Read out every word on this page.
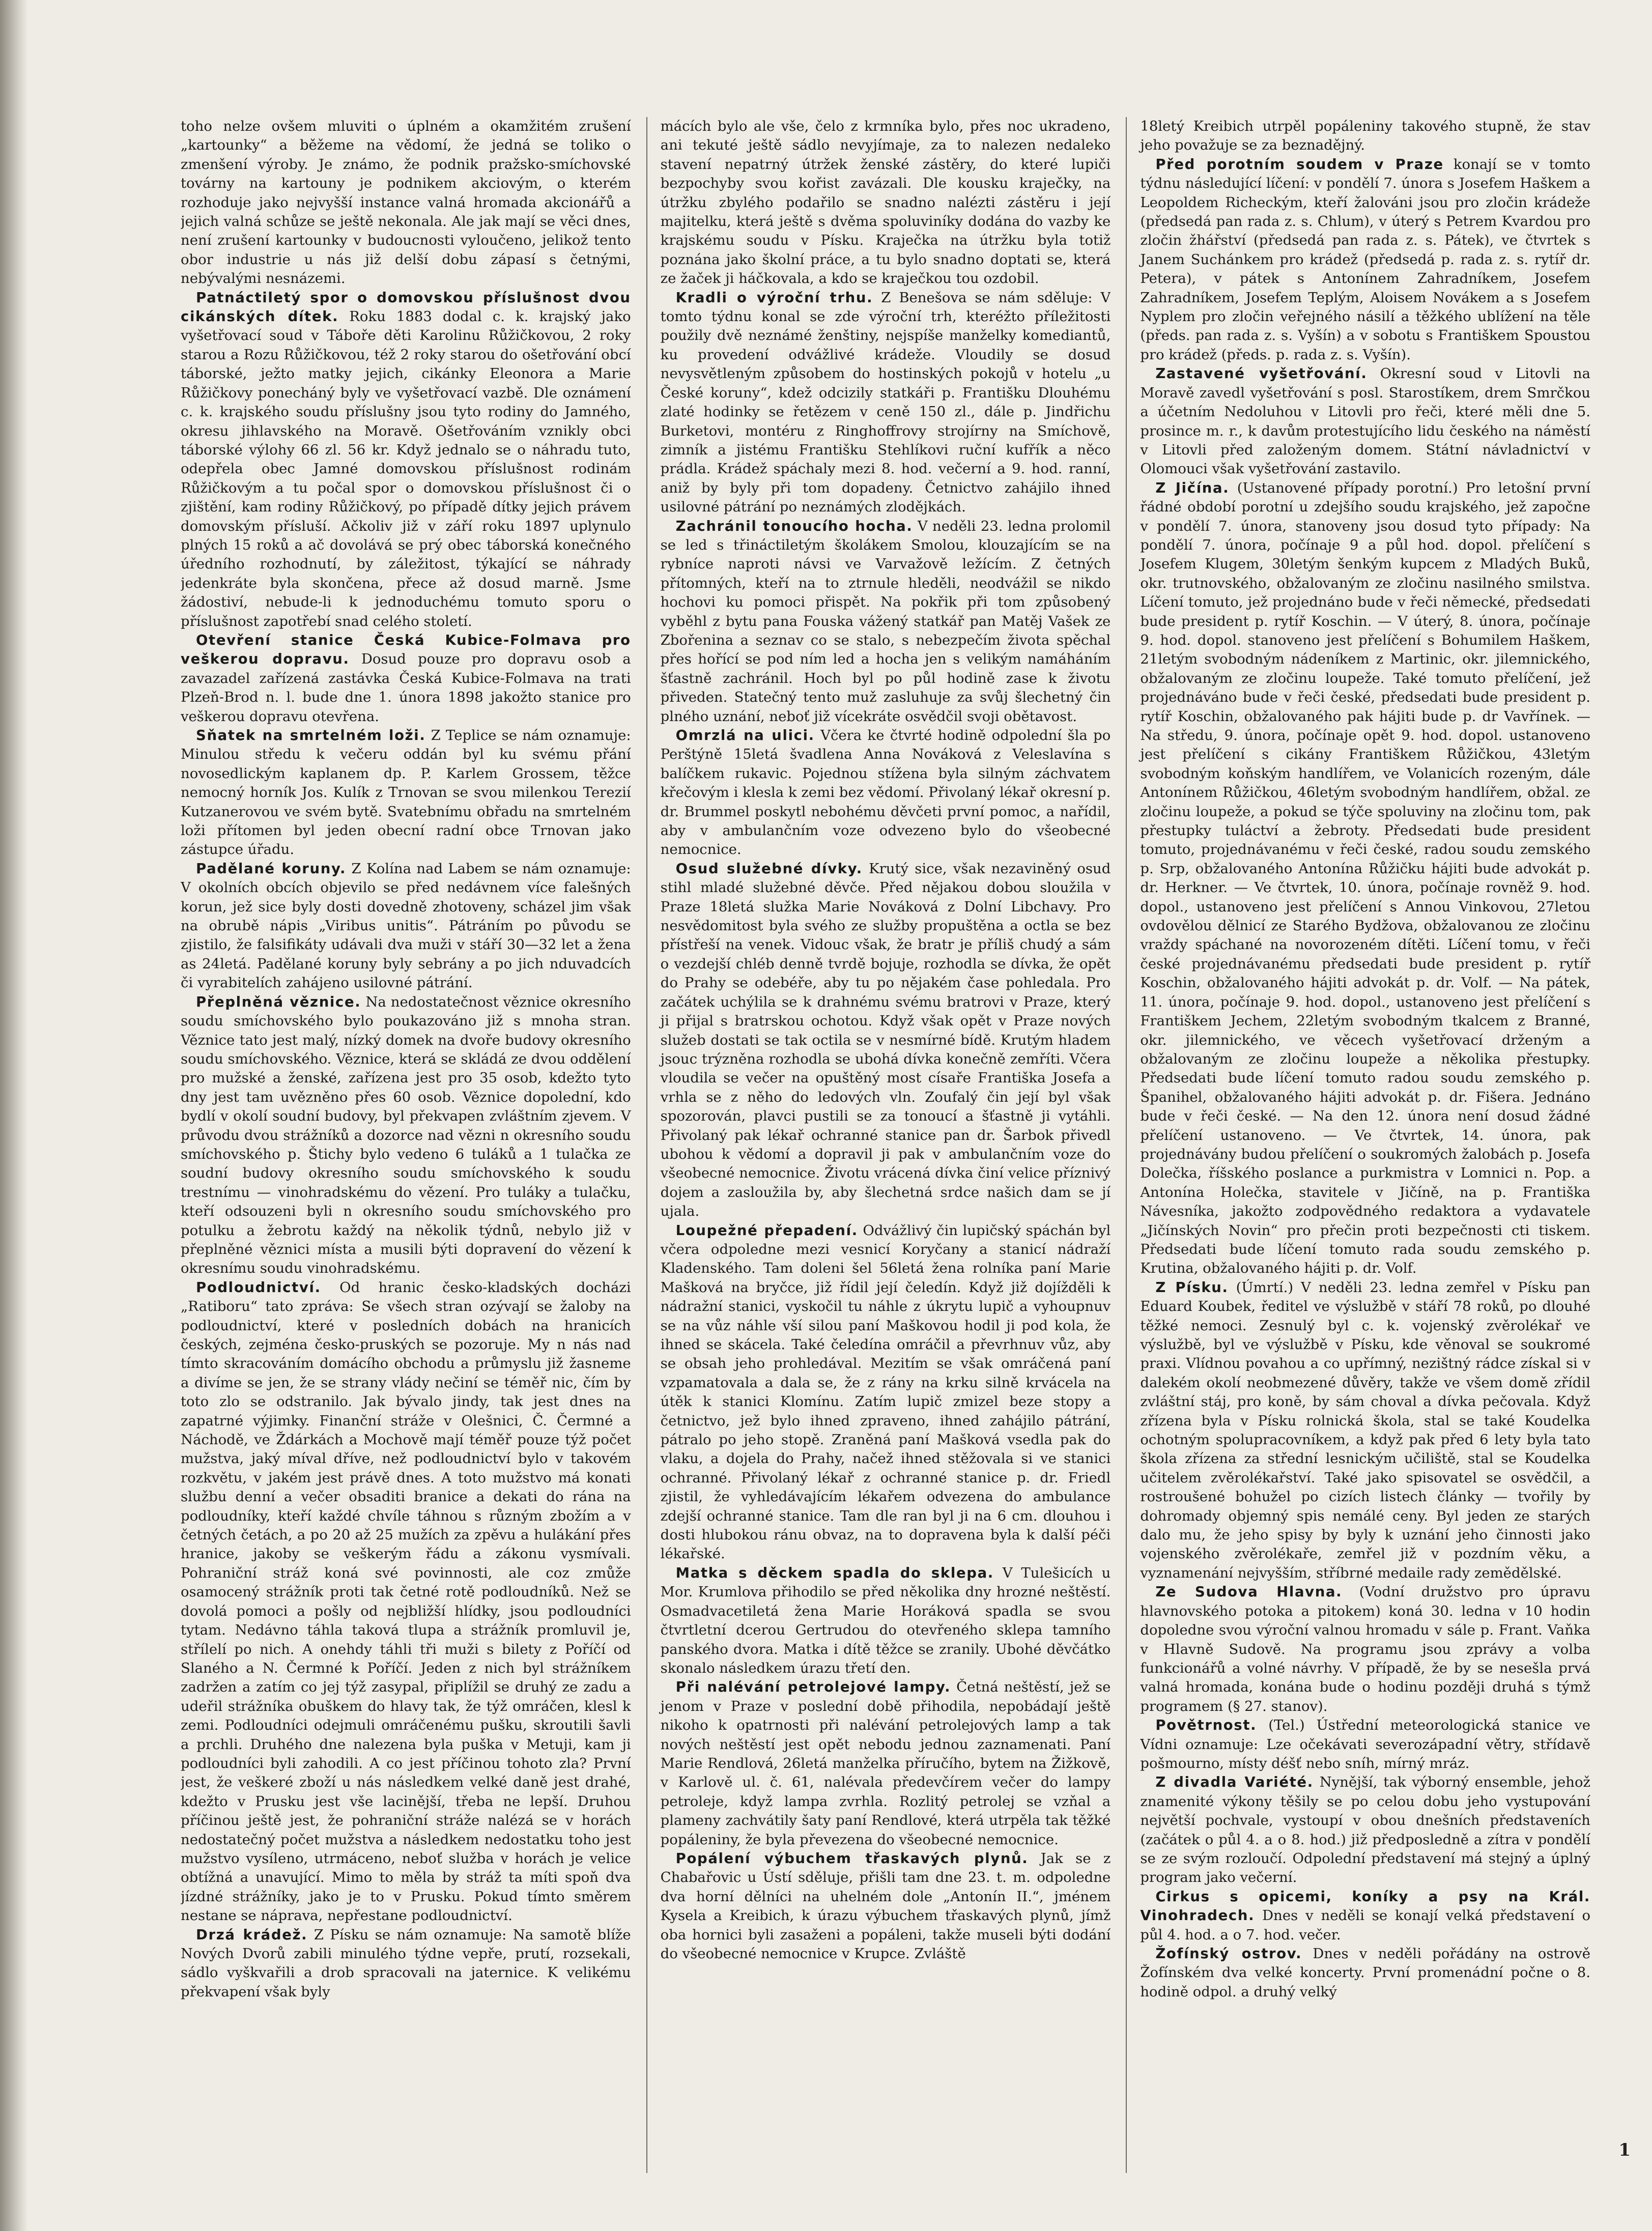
toho nelze ovšem mluviti o úplném a okamžitém zrušení „kartounky“ a běžeme na vědomí, že jedná se toliko o zmenšení výroby. Je známo, že podnik pražsko-smíchovské továrny na kartouny je podnikem akciovým, o kterém rozhoduje jako nejvyšší instance valná hromada akcionářů a jejich valná schůze se ještě nekonala. Ale jak mají se věci dnes, není zrušení kartounky v budoucnosti vyloučeno, jelikož tento obor industrie u nás již delší dobu zápasí s četnými, nebývalými nesnázemi.

Patnáctiletý spor o domovskou příslušnost dvou cikánských dítek. Roku 1883 dodal c. k. krajský jako vyšetřovací soud v Táboře děti Karolinu Růžičkovou, 2 roky starou a Rozu Růžičkovou, též 2 roky starou do ošetřování obcí táborské, ježto matky jejich, cikánky Eleonora a Marie Růžičkovy ponecháný byly ve vyšetřovací vazbě. Dle oznámení c. k. krajského soudu příslušny jsou tyto rodiny do Jamného, okresu jihlavského na Moravě. Ošetřováním vznikly obci táborské výlohy 66 zl. 56 kr. Když jednalo se o náhradu tuto, odepřela obec Jamné domovskou příslušnost rodinám Růžičkovým a tu počal spor o domovskou příslušnost či o zjištění, kam rodiny Růžičkový, po případě dítky jejich právem domovským přísluší. Ačkoliv již v září roku 1897 uplynulo plných 15 roků a ač dovolává se prý obec táborská konečného úředního rozhodnutí, by záležitost, týkající se náhrady jedenkráte byla skončena, přece až dosud marně. Jsme žádostiví, nebude-li k jednoduchému tomuto sporu o příslušnost zapotřebí snad celého století.

Otevření stanice Česká Kubice-Folmava pro veškerou dopravu. Dosud pouze pro dopravu osob a zavazadel zařízená zastávka Česká Kubice-Folmava na trati Plzeň-Brod n. l. bude dne 1. února 1898 jakožto stanice pro veškerou dopravu otevřena.

Sňatek na smrtelném loži. Z Teplice se nám oznamuje: Minulou středu k večeru oddán byl ku svému přání novosedlickým kaplanem dp. P. Karlem Grossem, těžce nemocný horník Jos. Kulík z Trnovan se svou milenkou Terezií Kutzanerovou ve svém bytě. Svatebnímu obřadu na smrtelném loži přítomen byl jeden obecní radní obce Trnovan jako zástupce úřadu.

Padělané koruny. Z Kolína nad Labem se nám oznamuje: V okolních obcích objevilo se před nedávnem více falešných korun, jež sice byly dosti dovedně zhotoveny, scházel jim však na obrubě nápis „Viribus unitis“. Pátráním po původu se zjistilo, že falsifikáty udávali dva muži v stáří 30—32 let a žena as 24letá. Padělané koruny byly sebrány a po jich nduvadcích či vyrabitelích zahájeno usilovné pátrání.

Přeplněná věznice. Na nedostatečnost věznice okresního soudu smíchovského bylo poukazováno již s mnoha stran. Věznice tato jest malý, nízký domek na dvoře budovy okresního soudu smíchovského. Věznice, která se skládá ze dvou oddělení pro mužské a ženské, zařízena jest pro 35 osob, kdežto tyto dny jest tam uvězněno přes 60 osob. Věznice dopolední, kdo bydlí v okolí soudní budovy, byl překvapen zvláštním zjevem. V průvodu dvou strážníků a dozorce nad vězni n okresního soudu smíchovského p. Štichy bylo vedeno 6 tuláků a 1 tulačka ze soudní budovy okresního soudu smíchovského k soudu trestnímu — vinohradskému do vězení. Pro tuláky a tulačku, kteří odsouzeni byli n okresního soudu smíchovského pro potulku a žebrotu každý na několik týdnů, nebylo již v přeplněné věznici místa a musili býti dopravení do vězení k okresnímu soudu vinohradskému.

Podloudnictví. Od hranic česko-kladských docházi „Ratiboru“ tato zpráva: Se všech stran ozývají se žaloby na podloudnictví, které v posledních dobách na hranicích českých, zejména česko-pruských se pozoruje. My n nás nad tímto skracováním domácího obchodu a průmyslu již žasneme a divíme se jen, že se strany vlády nečiní se téměř nic, čím by toto zlo se odstranilo. Jak bývalo jindy, tak jest dnes na zapatrné výjimky. Finanční stráže v Olešnici, Č. Čermné a Náchodě, ve Ždárkách a Mochově mají téměř pouze týž počet mužstva, jaký míval dříve, než podloudnictví bylo v takovém rozkvětu, v jakém jest právě dnes. A toto mužstvo má konati službu denní a večer obsaditi branice a dekati do rána na podloudníky, kteří každé chvíle táhnou s různým zbožím a v četných četách, a po 20 až 25 mužích za zpěvu a hulákání přes hranice, jakoby se veškerým řádu a zákonu vysmívali. Pohraniční stráž koná své povinnosti, ale coz zmůže osamocený strážník proti tak četné rotě podloudníků. Než se dovolá pomoci a pošly od nejbližší hlídky, jsou podloudníci tytam. Nedávno táhla taková tlupa a strážník promluvil je, střílelí po nich. A onehdy táhli tři muži s bilety z Poříčí od Slaného a N. Čermné k Poříčí. Jeden z nich byl strážníkem zadržen a zatím co jej týž zasypal, připlížil se druhý ze zadu a udeřil strážníka obuškem do hlavy tak, že týž omráčen, klesl k zemi. Podloudníci odejmuli omráčenému pušku, skroutili šavli a prchli. Druhého dne nalezena byla puška v Metuji, kam ji podloudníci byli zahodili. A co jest příčinou tohoto zla? První jest, že veškeré zboží u nás následkem velké daně jest drahé, kdežto v Prusku jest vše lacinější, třeba ne lepší. Druhou příčinou ještě jest, že pohraniční stráže nalézá se v horách nedostatečný počet mužstva a následkem nedostatku toho jest mužstvo vysíleno, utrmáceno, neboť služba v horách je velice obtížná a unavující. Mimo to měla by stráž ta míti spoň dva jízdné strážníky, jako je to v Prusku. Pokud tímto směrem nestane se náprava, nepřestane podloudnictví.

Drzá krádež. Z Písku se nám oznamuje: Na samotě blíže Nových Dvorů zabili minulého týdne vepře, prutí, rozsekali, sádlo vyškvařili a drob spracovali na jaternice. K velikému překvapení však byly

mácích bylo ale vše, čelo z krmníka bylo, přes noc ukradeno, ani tekuté ještě sádlo nevyjímaje, za to nalezen nedaleko stavení nepatrný útržek ženské zástěry, do které lupiči bezpochyby svou kořist zavázali. Dle kousku kraječky, na útržku zbylého podařilo se snadno nalézti zástěru i její majitelku, která ještě s dvěma spoluviníky dodána do vazby ke krajskému soudu v Písku. Kraječka na útržku byla totiž poznána jako školní práce, a tu bylo snadno doptati se, která ze žaček ji háčkovala, a kdo se kraječkou tou ozdobil.

Kradli o výroční trhu. Z Benešova se nám sděluje: V tomto týdnu konal se zde výroční trh, kteréžto příležitosti použily dvě neznámé ženštiny, nejspíše manželky komediantů, ku provedení odvážlivé krádeže. Vloudily se dosud nevysvětleným způsobem do hostinských pokojů v hotelu „u České koruny“, kdež odcizily statkáři p. Františku Dlouhému zlaté hodinky se řetězem v ceně 150 zl., dále p. Jindřichu Burketovi, montéru z Ringhoffrovy strojírny na Smíchově, zimník a jistému Františku Stehlíkovi ruční kufřík a něco prádla. Krádež spáchaly mezi 8. hod. večerní a 9. hod. ranní, aniž by byly při tom dopadeny. Četnictvo zahájilo ihned usilovné pátrání po neznámých zlodějkách.

Zachránil tonoucího hocha. V neděli 23. ledna prolomil se led s třináctiletým školákem Smolou, klouzajícím se na rybníce naproti návsi ve Varvažově ležícím. Z četných přítomných, kteří na to ztrnule hleděli, neodvážil se nikdo hochovi ku pomoci přispět. Na pokřik při tom způsobený vyběhl z bytu pana Fouska vážený statkář pan Matěj Vašek ze Zbořenina a seznav co se stalo, s nebezpečím života spěchal přes hořící se pod ním led a hocha jen s velikým namáháním šťastně zachránil. Hoch byl po půl hodině zase k životu přiveden. Statečný tento muž zasluhuje za svůj šlechetný čin plného uznání, neboť již vícekráte osvědčil svoji obětavost.

Omrzlá na ulici. Včera ke čtvrté hodině odpolední šla po Perštýně 15letá švadlena Anna Nováková z Veleslavína s balíčkem rukavic. Pojednou stížena byla silným záchvatem křečovým i klesla k zemi bez vědomí. Přivolaný lékař okresní p. dr. Brummel poskytl nebohému děvčeti první pomoc, a nařídil, aby v ambulančním voze odvezeno bylo do všeobecné nemocnice.

Osud služebné dívky. Krutý sice, však nezaviněný osud stihl mladé služebné děvče. Před nějakou dobou sloužila v Praze 18letá služka Marie Nováková z Dolní Libchavy. Pro nesvědomitost byla svého ze služby propuštěna a octla se bez přístřeší na venek. Vidouc však, že bratr je příliš chudý a sám o vezdejší chléb denně tvrdě bojuje, rozhodla se dívka, že opět do Prahy se odebéře, aby tu po nějakém čase pohledala. Pro začátek uchýlila se k drahnému svému bratrovi v Praze, který ji přijal s bratrskou ochotou. Když však opět v Praze nových služeb dostati se tak octila se v nesmírné bídě. Krutým hladem jsouc trýzněna rozhodla se ubohá dívka konečně zemříti. Včera vloudila se večer na opuštěný most císaře Františka Josefa a vrhla se z něho do ledových vln. Zoufalý čin její byl však spozorován, plavci pustili se za tonoucí a šťastně ji vytáhli. Přivolaný pak lékař ochranné stanice pan dr. Šarbok přivedl ubohou k vědomí a dopravil ji pak v ambulančním voze do všeobecné nemocnice. Životu vrácená dívka činí velice příznivý dojem a zasloužila by, aby šlechetná srdce našich dam se jí ujala.

Loupežné přepadení. Odvážlivý čin lupičský spáchán byl včera odpoledne mezi vesnicí Koryčany a stanicí nádraží Kladenského. Tam doleni šel 56letá žena rolníka paní Marie Mašková na bryčce, již řídil její čeledín. Když již dojížděli k nádražní stanici, vyskočil tu náhle z úkrytu lupič a vyhoupnuv se na vůz náhle vší silou paní Maškovou hodil ji pod kola, že ihned se skácela. Také čeledína omráčil a převrhnuv vůz, aby se obsah jeho prohledával. Mezitím se však omráčená paní vzpamatovala a dala se, že z rány na krku silně krvácela na útěk k stanici Klomínu. Zatím lupič zmizel beze stopy a četnictvo, jež bylo ihned zpraveno, ihned zahájilo pátrání, pátralo po jeho stopě. Zraněná paní Mašková vsedla pak do vlaku, a dojela do Prahy, načež ihned stěžovala si ve stanici ochranné. Přivolaný lékař z ochranné stanice p. dr. Friedl zjistil, že vyhledávajícím lékařem odvezena do ambulance zdejší ochranné stanice. Tam dle ran byl ji na 6 cm. dlouhou i dosti hlubokou ránu obvaz, na to dopravena byla k další péči lékařské.

Matka s děckem spadla do sklepa. V Tulešicích u Mor. Krumlova přihodilo se před několika dny hrozné neštěstí. Osmadvacetiletá žena Marie Horáková spadla se svou čtvrtletní dcerou Gertrudou do otevřeného sklepa tamního panského dvora. Matka i dítě těžce se zranily. Ubohé děvčátko skonalo následkem úrazu třetí den.

Při nalévání petrolejové lampy. Četná neštěstí, jež se jenom v Praze v poslední době přihodila, nepobádají ještě nikoho k opatrnosti při nalévání petrolejových lamp a tak nových neštěstí jest opět nebodu jednou zaznamenati. Paní Marie Rendlová, 26letá manželka příručího, bytem na Žižkově, v Karlově ul. č. 61, nalévala předevčírem večer do lampy petroleje, když lampa zvrhla. Rozlitý petrolej se vzňal a plameny zachvátily šaty paní Rendlové, která utrpěla tak těžké popáleniny, že byla převezena do všeobecné nemocnice.

Popálení výbuchem třaskavých plynů. Jak se z Chabařovic u Ústí sděluje, přišli tam dne 23. t. m. odpoledne dva horní dělníci na uhelném dole „Antonín II.“, jménem Kysela a Kreibich, k úrazu výbuchem třaskavých plynů, jímž oba hornici byli zasaženi a popáleni, takže museli býti dodání do všeobecné nemocnice v Krupce. Zvláště

18letý Kreibich utrpěl popáleniny takového stupně, že stav jeho považuje se za beznadějný.

Před porotním soudem v Praze konají se v tomto týdnu následující líčení: v pondělí 7. února s Josefem Haškem a Leopoldem Richeckým, kteří žalováni jsou pro zločin krádeže (předsedá pan rada z. s. Chlum), v úterý s Petrem Kvardou pro zločin žhářství (předsedá pan rada z. s. Pátek), ve čtvrtek s Janem Suchánkem pro krádež (předsedá p. rada z. s. rytíř dr. Petera), v pátek s Antonínem Zahradníkem, Josefem Zahradníkem, Josefem Teplým, Aloisem Novákem a s Josefem Nyplem pro zločin veřejného násilí a těžkého ublížení na těle (předs. pan rada z. s. Vyšín) a v sobotu s Františkem Spoustou pro krádež (předs. p. rada z. s. Vyšín).

Zastavené vyšetřování. Okresní soud v Litovli na Moravě zavedl vyšetřování s posl. Starostíkem, drem Smrčkou a účetním Nedoluhou v Litovli pro řeči, které měli dne 5. prosince m. r., k davům protestujícího lidu českého na náměstí v Litovli před založeným domem. Státní návladnictví v Olomouci však vyšetřování zastavilo.

Z Jičína. (Ustanovené případy porotní.) Pro letošní první řádné období porotní u zdejšího soudu krajského, jež započne v pondělí 7. února, stanoveny jsou dosud tyto případy: Na pondělí 7. února, počínaje 9 a půl hod. dopol. přelíčení s Josefem Klugem, 30letým šenkým kupcem z Mladých Buků, okr. trutnovského, obžalovaným ze zločinu nasilného smilstva. Líčení tomuto, jež projednáno bude v řeči německé, předsedati bude president p. rytíř Koschin. — V úterý, 8. února, počínaje 9. hod. dopol. stanoveno jest přelíčení s Bohumilem Haškem, 21letým svobodným nádeníkem z Martinic, okr. jilemnického, obžalovaným ze zločinu loupeže. Také tomuto přelíčení, jež projednáváno bude v řeči české, předsedati bude president p. rytíř Koschin, obžalovaného pak hájiti bude p. dr Vavřínek. — Na středu, 9. února, počínaje opět 9. hod. dopol. ustanoveno jest přelíčení s cikány Františkem Růžičkou, 43letým svobodným koňským handlířem, ve Volanicích rozeným, dále Antonínem Růžičkou, 46letým svobodným handlířem, obžal. ze zločinu loupeže, a pokud se týče spoluviny na zločinu tom, pak přestupky tuláctví a žebroty. Předsedati bude president tomuto, projednávanému v řeči české, radou soudu zemského p. Srp, obžalovaného Antonína Růžičku hájiti bude advokát p. dr. Herkner. — Ve čtvrtek, 10. února, počínaje rovněž 9. hod. dopol., ustanoveno jest přelíčení s Annou Vinkovou, 27letou ovdovělou dělnicí ze Starého Bydžova, obžalovanou ze zločinu vraždy spáchané na novorozeném dítěti. Líčení tomu, v řeči české projednávanému předsedati bude president p. rytíř Koschin, obžalovaného hájiti advokát p. dr. Volf. — Na pátek, 11. února, počínaje 9. hod. dopol., ustanoveno jest přelíčení s Františkem Jechem, 22letým svobodným tkalcem z Branné, okr. jilemnického, ve věcech vyšetřovací drženým a obžalovaným ze zločinu loupeže a několika přestupky. Předsedati bude líčení tomuto radou soudu zemského p. Španihel, obžalovaného hájiti advokát p. dr. Fišera. Jednáno bude v řeči české. — Na den 12. února není dosud žádné přelíčení ustanoveno. — Ve čtvrtek, 14. února, pak projednávány budou přelíčení o soukromých žalobách p. Josefa Dolečka, říšského poslance a purkmistra v Lomnici n. Pop. a Antonína Holečka, stavitele v Jičíně, na p. Františka Návesníka, jakožto zodpovědného redaktora a vydavatele „Jičínských Novin“ pro přečin proti bezpečnosti cti tiskem. Předsedati bude líčení tomuto rada soudu zemského p. Krutina, obžalovaného hájiti p. dr. Volf.

Z Písku. (Úmrtí.) V neděli 23. ledna zemřel v Písku pan Eduard Koubek, ředitel ve výslužbě v stáří 78 roků, po dlouhé těžké nemoci. Zesnulý byl c. k. vojenský zvěrolékař ve výslužbě, byl ve výslužbě v Písku, kde věnoval se soukromé praxi. Vlídnou povahou a co upřímný, nezištný rádce získal si v dalekém okolí neobmezené důvěry, takže ve všem domě zřídil zvláštní stáj, pro koně, by sám choval a dívka pečovala. Když zřízena byla v Písku rolnická škola, stal se také Koudelka ochotným spolupracovníkem, a když pak před 6 lety byla tato škola zřízena za střední lesnickým učiliště, stal se Koudelka učitelem zvěrolékařství. Také jako spisovatel se osvědčil, a rostroušené bohužel po cizích listech články — tvořily by dohromady objemný spis nemálé ceny. Byl jeden ze starých dalo mu, že jeho spisy by byly k uznání jeho činnosti jako vojenského zvěrolékaře, zemřel již v pozdním věku, a vyznamenání nejvyšším, stříbrné medaile rady zemědělské.

Ze Sudova Hlavna. (Vodní družstvo pro úpravu hlavnovského potoka a pitokem) koná 30. ledna v 10 hodin dopoledne svou výroční valnou hromadu v sále p. Frant. Vaňka v Hlavně Sudově. Na programu jsou zprávy a volba funkcionářů a volné návrhy. V případě, že by se nesešla prvá valná hromada, konána bude o hodinu později druhá s týmž programem (§ 27. stanov).

Povětrnost. (Tel.) Ústřední meteorologická stanice ve Vídni oznamuje: Lze očekávati severozápadní větry, střídavě pošmourno, místy déšť nebo sníh, mírný mráz.

Z divadla Variété. Nynější, tak výborný ensemble, jehož znamenité výkony těšily se po celou dobu jeho vystupování největší pochvale, vystoupí v obou dnešních představeních (začátek o půl 4. a o 8. hod.) již předposledně a zítra v pondělí se ze svým rozloučí. Odpolední představení má stejný a úplný program jako večerní.

Cirkus s opicemi, koníky a psy na Král. Vinohradech. Dnes v neděli se konají velká představení o půl 4. hod. a o 7. hod. večer.

Žofínský ostrov. Dnes v neděli pořádány na ostrově Žofínském dva velké koncerty. První promenádní počne o 8. hodině odpol. a druhý velký

1
